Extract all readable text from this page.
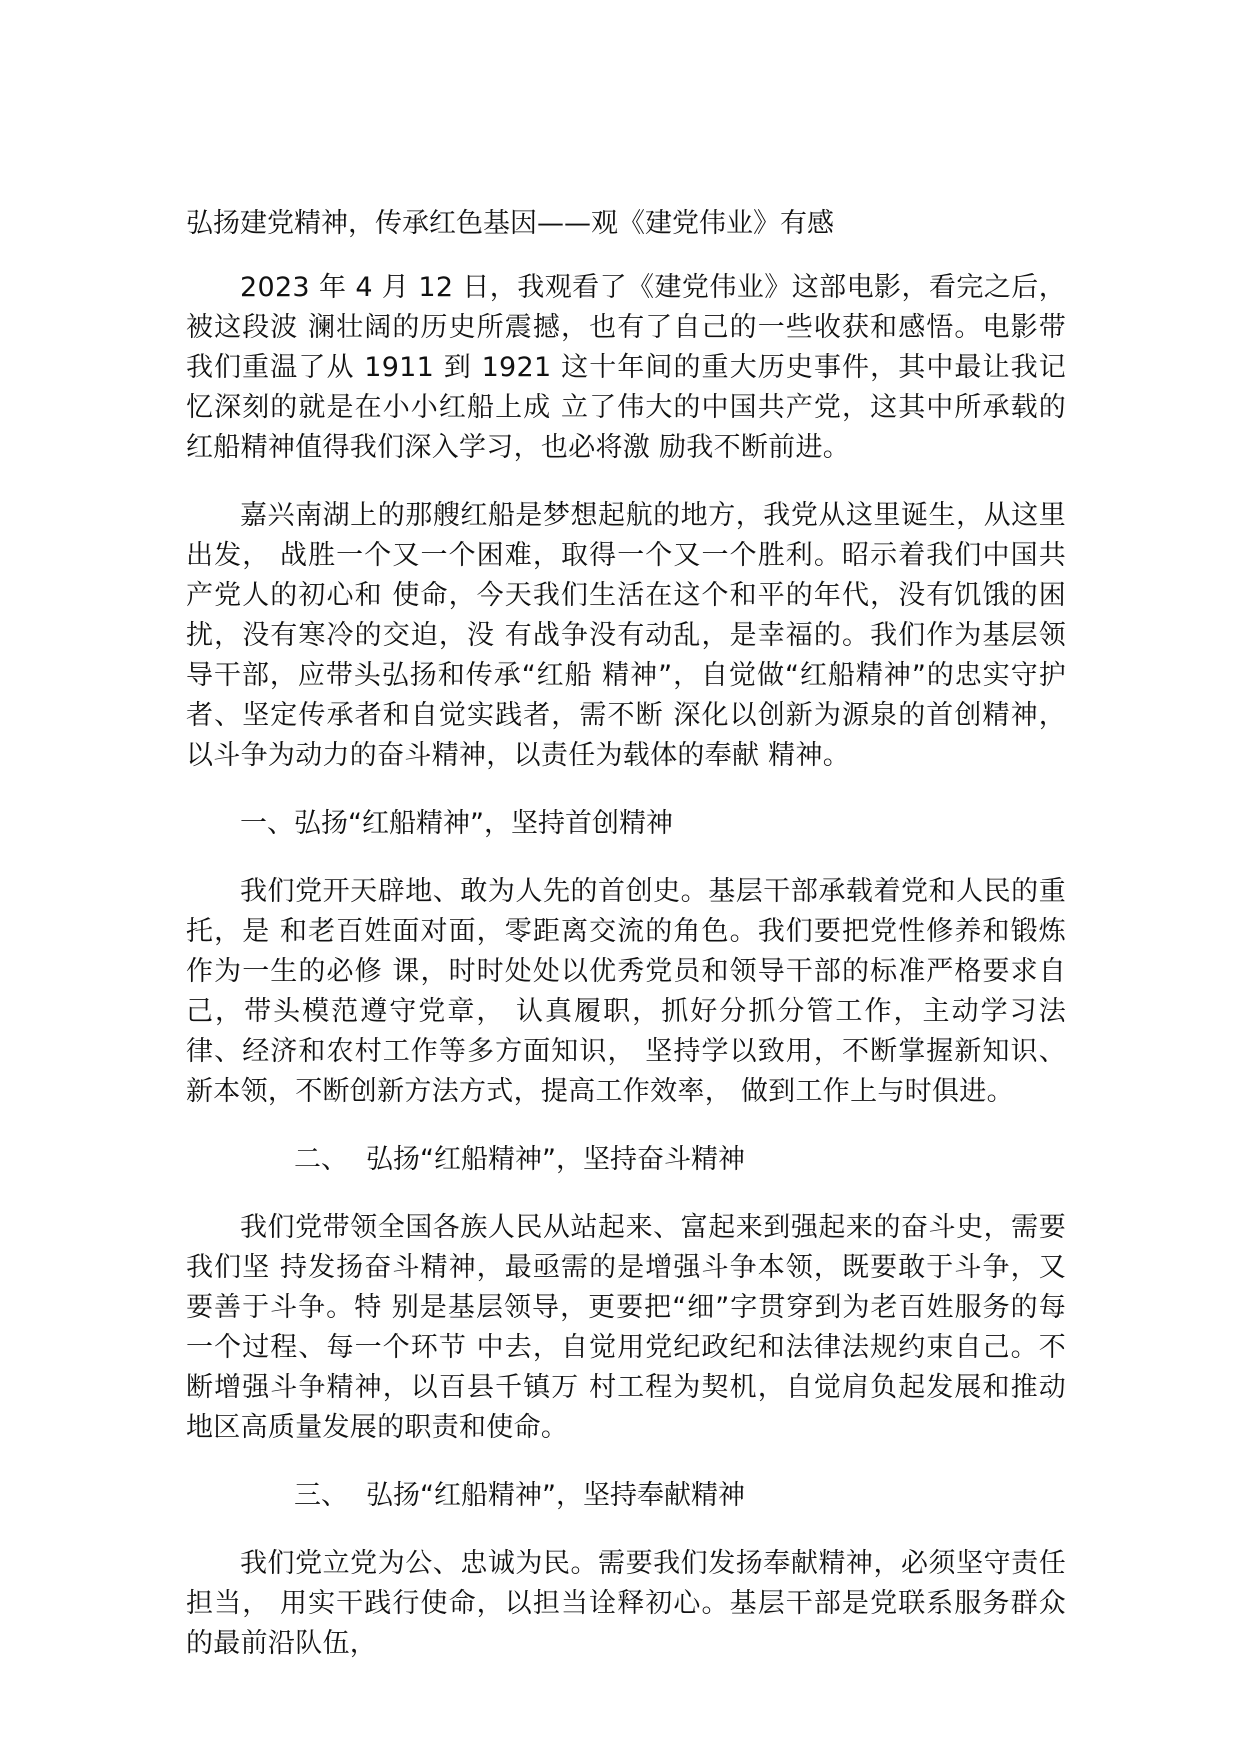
弘扬建党精神，传承红色基因——观《建党伟业》有感

2023 年 4 月 12 日，我观看了《建党伟业》这部电影，看完之后，被这段波 澜壮阔的历史所震撼，也有了自己的一些收获和感悟。电影带我们重温了从 1911 到 1921 这十年间的重大历史事件，其中最让我记忆深刻的就是在小小红船上成 立了伟大的中国共产党，这其中所承载的红船精神值得我们深入学习，也必将激 励我不断前进。

嘉兴南湖上的那艘红船是梦想起航的地方，我党从这里诞生，从这里出发， 战胜一个又一个困难，取得一个又一个胜利。昭示着我们中国共产党人的初心和 使命，今天我们生活在这个和平的年代，没有饥饿的困扰，没有寒冷的交迫，没 有战争没有动乱，是幸福的。我们作为基层领导干部，应带头弘扬和传承“红船 精神”，自觉做“红船精神”的忠实守护者、坚定传承者和自觉实践者，需不断 深化以创新为源泉的首创精神，以斗争为动力的奋斗精神，以责任为载体的奉献 精神。

一、弘扬“红船精神”，坚持首创精神

我们党开天辟地、敢为人先的首创史。基层干部承载着党和人民的重托，是 和老百姓面对面，零距离交流的角色。我们要把党性修养和锻炼作为一生的必修 课，时时处处以优秀党员和领导干部的标准严格要求自己，带头模范遵守党章， 认真履职，抓好分抓分管工作，主动学习法律、经济和农村工作等多方面知识， 坚持学以致用，不断掌握新知识、新本领，不断创新方法方式，提高工作效率， 做到工作上与时俱进。

二、 弘扬“红船精神”，坚持奋斗精神

我们党带领全国各族人民从站起来、富起来到强起来的奋斗史，需要我们坚 持发扬奋斗精神，最亟需的是增强斗争本领，既要敢于斗争，又要善于斗争。特 别是基层领导，更要把“细”字贯穿到为老百姓服务的每一个过程、每一个环节 中去，自觉用党纪政纪和法律法规约束自己。不断增强斗争精神，以百县千镇万 村工程为契机，自觉肩负起发展和推动地区高质量发展的职责和使命。

三、 弘扬“红船精神”，坚持奉献精神

我们党立党为公、忠诚为民。需要我们发扬奉献精神，必须坚守责任担当， 用实干践行使命，以担当诠释初心。基层干部是党联系服务群众的最前沿队伍，
